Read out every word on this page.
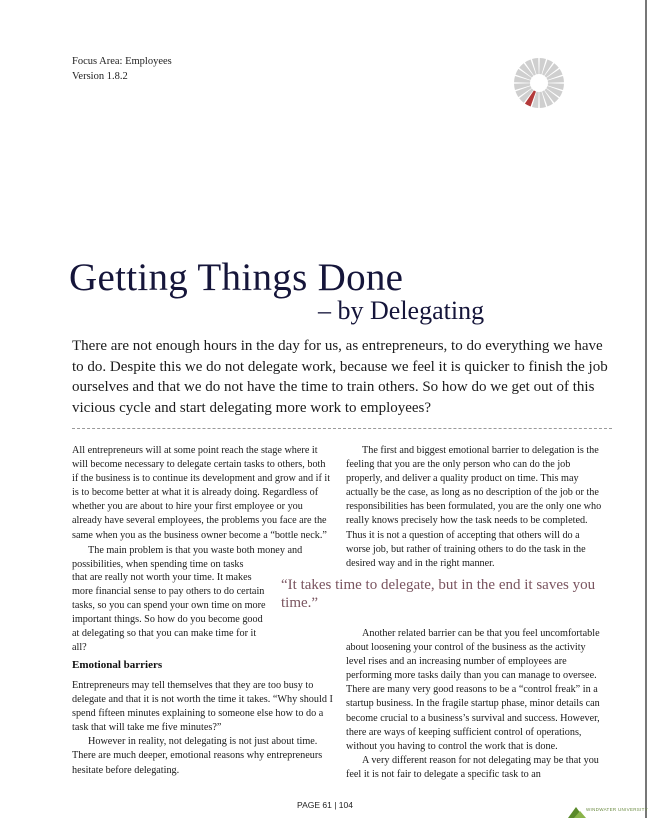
Focus Area: Employees
Version 1.8.2
Getting Things Done
– by Delegating
There are not enough hours in the day for us, as entrepreneurs, to do everything we have to do. Despite this we do not delegate work, because we feel it is quicker to finish the job ourselves and that we do not have the time to train others. So how do we get out of this vicious cycle and start delegating more work to employees?

All entrepreneurs will at some point reach the stage where it will become necessary to delegate certain tasks to others, both if the business is to continue its development and grow and if it is to become better at what it is already doing. Regardless of whether you are about to hire your first employee or you already have several employees, the problems you face are the same when you as the business owner become a “bottle neck.”

The main problem is that you waste both money and possibilities, when spending time on tasks

that are really not worth your time. It makes more financial sense to pay others to do certain tasks, so you can spend your own time on more important things. So how do you become good at delegating so that you can make time for it all?

Emotional barriers

Entrepreneurs may tell themselves that they are too busy to delegate and that it is not worth the time it takes. “Why should I spend fifteen minutes explaining to someone else how to do a task that will take me five minutes?”

However in reality, not delegating is not just about time. There are much deeper, emotional reasons why entrepreneurs hesitate before delegating.

The first and biggest emotional barrier to delegation is the feeling that you are the only person who can do the job properly, and deliver a quality product on time. This may actually be the case, as long as no description of the job or the responsibilities has been formulated, you are the only one who really knows precisely how the task needs to be completed. Thus it is not a question of accepting that others will do a worse job, but rather of training others to do the task in the desired way and in the right manner.

“It takes time to delegate, but in the end it saves you time.”

Another related barrier can be that you feel uncomfortable about loosening your control of the business as the activity level rises and an increasing number of employees are performing more tasks daily than you can manage to oversee. There are many very good reasons to be a “control freak” in a startup business. In the fragile startup phase, minor details can become crucial to a business’s survival and success. However, there are ways of keeping sufficient control of operations, without you having to control the work that is done.

A very different reason for not delegating may be that you feel it is not fair to delegate a specific task to an

PAGE 61 | 104	WINDWATER UNIVERSITY
